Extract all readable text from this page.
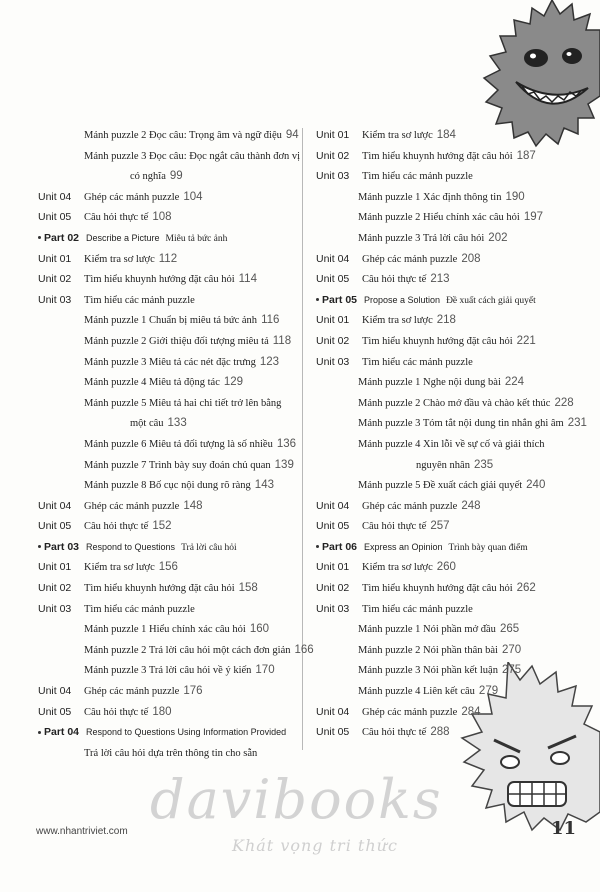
davibooks
Khát vọng tri thức
Mảnh puzzle 2 Đọc câu: Trọng âm và ngữ điệu 94
Mảnh puzzle 3 Đọc câu: Đọc ngắt câu thành đơn vị
có nghĩa 99
Unit 04 Ghép các mảnh puzzle 104
Unit 05 Câu hỏi thực tế 108
Part 02 Describe a Picture Miêu tả bức ảnh
Unit 01 Kiểm tra sơ lược 112
Unit 02 Tìm hiểu khuynh hướng đặt câu hỏi 114
Unit 03 Tìm hiểu các mảnh puzzle
Mảnh puzzle 1 Chuẩn bị miêu tả bức ảnh 116
Mảnh puzzle 2 Giới thiệu đối tượng miêu tả 118
Mảnh puzzle 3 Miêu tả các nét đặc trưng 123
Mảnh puzzle 4 Miêu tả động tác 129
Mảnh puzzle 5 Miêu tả hai chi tiết trở lên bằng
một câu 133
Mảnh puzzle 6 Miêu tả đối tượng là số nhiều 136
Mảnh puzzle 7 Trình bày suy đoán chủ quan 139
Mảnh puzzle 8 Bố cục nội dung rõ ràng 143
Unit 04 Ghép các mảnh puzzle 148
Unit 05 Câu hỏi thực tế 152
Part 03 Respond to Questions Trả lời câu hỏi
Unit 01 Kiểm tra sơ lược 156
Unit 02 Tìm hiểu khuynh hướng đặt câu hỏi 158
Unit 03 Tìm hiểu các mảnh puzzle
Mảnh puzzle 1 Hiểu chính xác câu hỏi 160
Mảnh puzzle 2 Trả lời câu hỏi một cách đơn giản 166
Mảnh puzzle 3 Trả lời câu hỏi về ý kiến 170
Unit 04 Ghép các mảnh puzzle 176
Unit 05 Câu hỏi thực tế 180
Part 04 Respond to Questions Using Information Provided
Trả lời câu hỏi dựa trên thông tin cho sẵn
Unit 01 Kiểm tra sơ lược 184
Unit 02 Tìm hiểu khuynh hướng đặt câu hỏi 187
Unit 03 Tìm hiểu các mảnh puzzle
Mảnh puzzle 1 Xác định thông tin 190
Mảnh puzzle 2 Hiểu chính xác câu hỏi 197
Mảnh puzzle 3 Trả lời câu hỏi 202
Unit 04 Ghép các mảnh puzzle 208
Unit 05 Câu hỏi thực tế 213
Part 05 Propose a Solution Đề xuất cách giải quyết
Unit 01 Kiểm tra sơ lược 218
Unit 02 Tìm hiểu khuynh hướng đặt câu hỏi 221
Unit 03 Tìm hiểu các mảnh puzzle
Mảnh puzzle 1 Nghe nội dung bài 224
Mảnh puzzle 2 Chào mở đầu và chào kết thúc 228
Mảnh puzzle 3 Tóm tắt nội dung tin nhắn ghi âm 231
Mảnh puzzle 4 Xin lỗi về sự cố và giải thích
nguyên nhân 235
Mảnh puzzle 5 Đề xuất cách giải quyết 240
Unit 04 Ghép các mảnh puzzle 248
Unit 05 Câu hỏi thực tế 257
Part 06 Express an Opinion Trình bày quan điểm
Unit 01 Kiểm tra sơ lược 260
Unit 02 Tìm hiểu khuynh hướng đặt câu hỏi 262
Unit 03 Tìm hiểu các mảnh puzzle
Mảnh puzzle 1 Nói phần mở đầu 265
Mảnh puzzle 2 Nói phần thân bài 270
Mảnh puzzle 3 Nói phần kết luận 275
Mảnh puzzle 4 Liên kết câu 279
Unit 04 Ghép các mảnh puzzle 284
Unit 05 Câu hỏi thực tế 288
www.nhantriviet.com	11
